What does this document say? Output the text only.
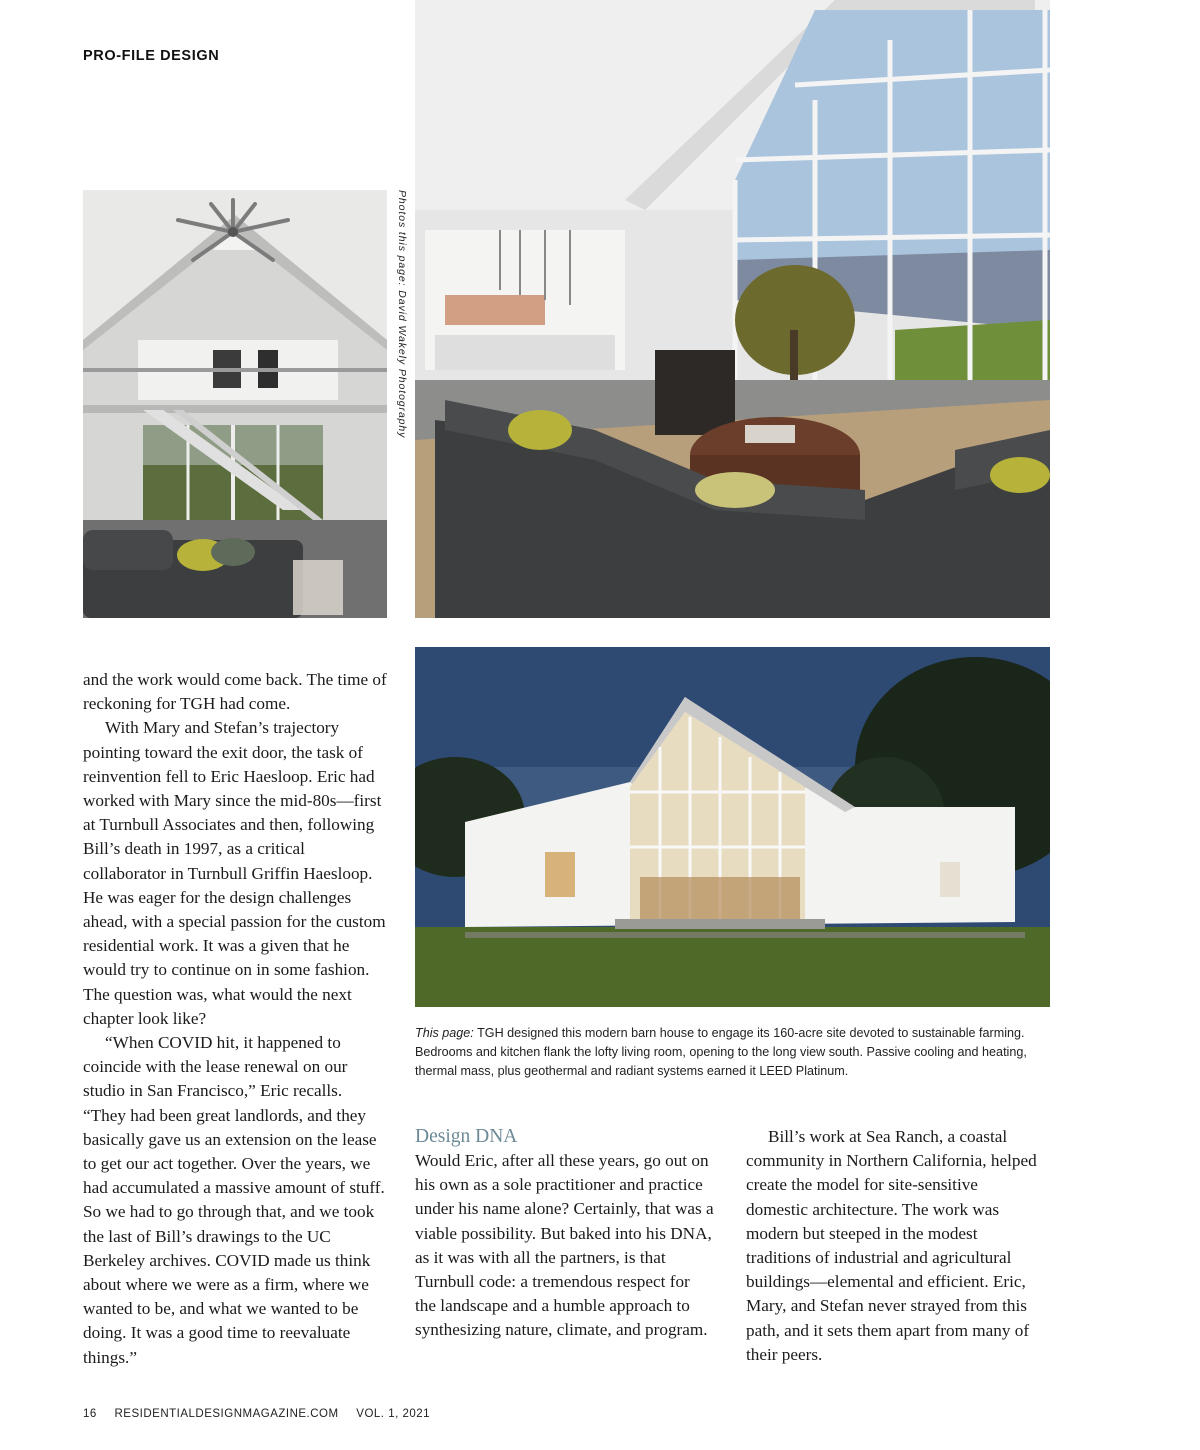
PRO-FILE DESIGN
Photos this page: David Wakely Photography
This page: TGH designed this modern barn house to engage its 160-acre site devoted to sustainable farming. Bedrooms and kitchen flank the lofty living room, opening to the long view south. Passive cooling and heating, thermal mass, plus geothermal and radiant systems earned it LEED Platinum.

and the work would come back. The time of reckoning for TGH had come.

With Mary and Stefan’s trajectory pointing toward the exit door, the task of reinvention fell to Eric Haesloop. Eric had worked with Mary since the mid-80s—first at Turnbull Associates and then, following Bill’s death in 1997, as a critical collaborator in Turnbull Griffin Haesloop. He was eager for the design challenges ahead, with a special passion for the custom residential work. It was a given that he would try to continue on in some fashion. The question was, what would the next chapter look like?

“When COVID hit, it happened to coincide with the lease renewal on our studio in San Francisco,” Eric recalls. “They had been great landlords, and they basically gave us an extension on the lease to get our act together. Over the years, we had accumulated a massive amount of stuff. So we had to go through that, and we took the last of Bill’s drawings to the UC Berkeley archives. COVID made us think about where we were as a firm, where we wanted to be, and what we wanted to be doing. It was a good time to reevaluate things.”

Design DNA

Would Eric, after all these years, go out on his own as a sole practitioner and practice under his name alone? Certainly, that was a viable possibility. But baked into his DNA, as it was with all the partners, is that Turnbull code: a tremendous respect for the landscape and a humble approach to synthesizing nature, climate, and program.

Bill’s work at Sea Ranch, a coastal community in Northern California, helped create the model for site-sensitive domestic architecture. The work was modern but steeped in the modest traditions of industrial and agricultural buildings—elemental and efficient. Eric, Mary, and Stefan never strayed from this path, and it sets them apart from many of their peers.

16 RESIDENTIALDESIGNMAGAZINE.COM VOL. 1, 2021
